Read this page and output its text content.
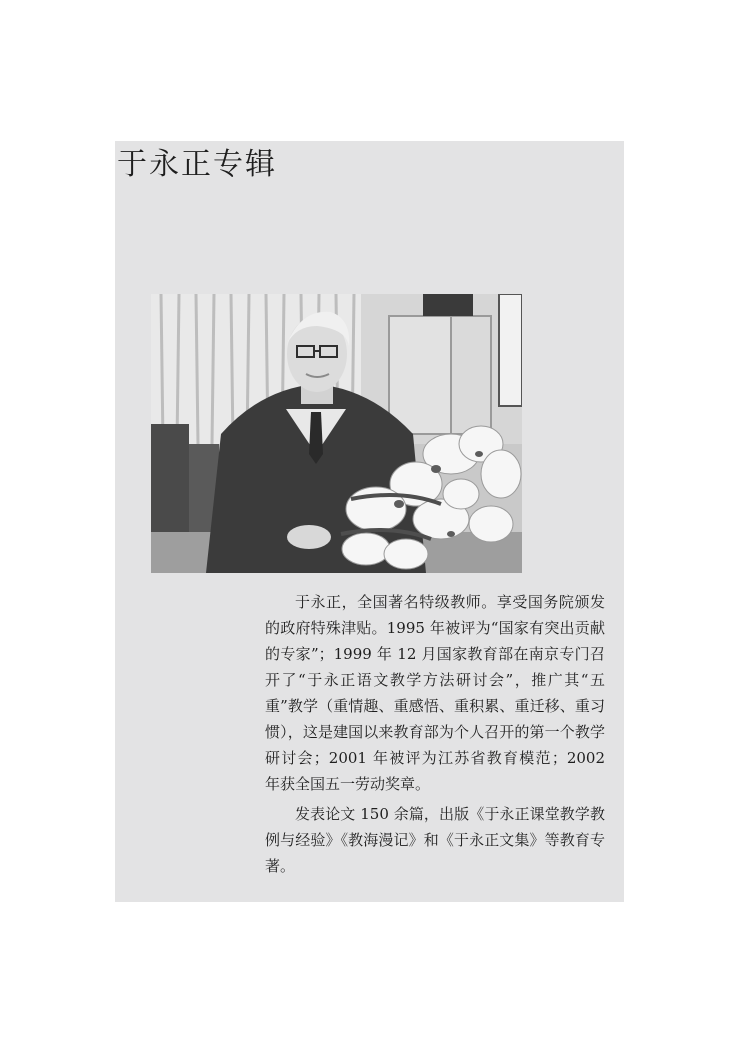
于永正专辑

于永正，全国著名特级教师。享受国务院颁发的政府特殊津贴。1995 年被评为“国家有突出贡献的专家”；1999 年 12 月国家教育部在南京专门召开了“于永正语文教学方法研讨会”，推广其“五重”教学（重情趣、重感悟、重积累、重迁移、重习惯），这是建国以来教育部为个人召开的第一个教学研讨会；2001 年被评为江苏省教育模范；2002 年获全国五一劳动奖章。

发表论文 150 余篇，出版《于永正课堂教学教例与经验》《教海漫记》和《于永正文集》等教育专著。
